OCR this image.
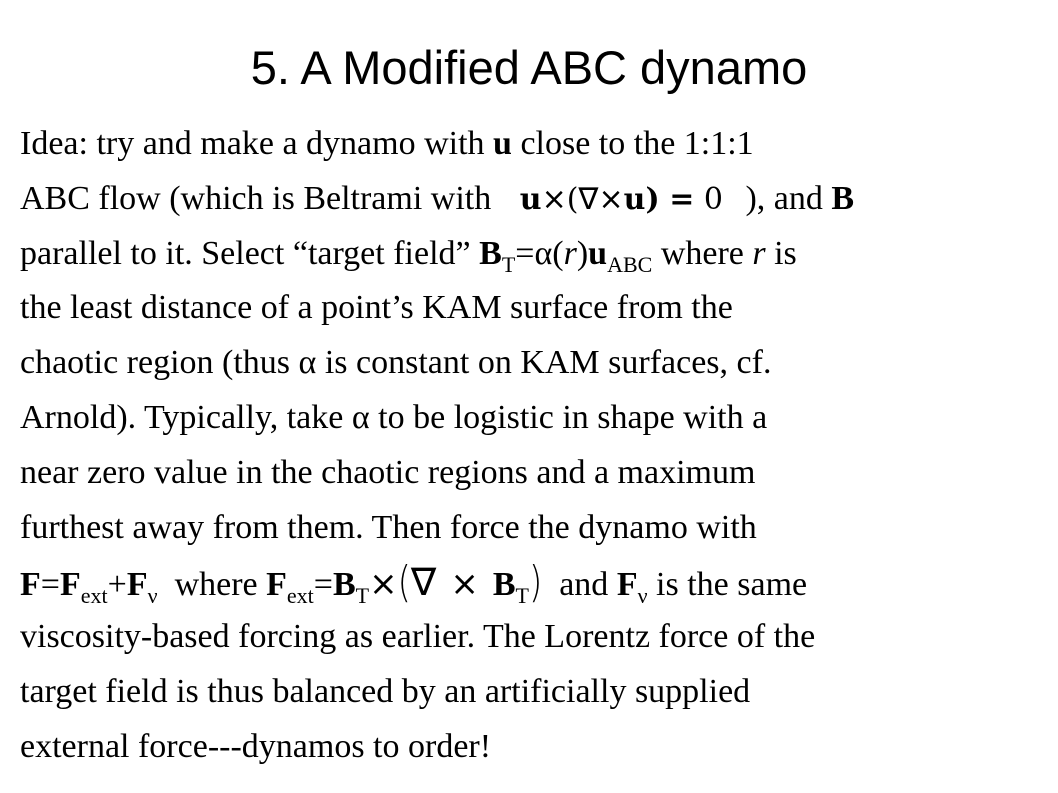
5. A Modified ABC dynamo
Idea: try and make a dynamo with u close to the 1:1:1
ABC flow (which is Beltrami with u×(∇×u) = 0 ), and B
parallel to it. Select “target field” $B_T=\alpha(r)u_{ABC}$ where r is
the least distance of a point’s KAM surface from the
chaotic region (thus α is constant on KAM surfaces, cf.
Arnold). Typically, take α to be logistic in shape with a
near zero value in the chaotic regions and a maximum
furthest away from them. Then force the dynamo with
$F=F_{ext}+F_\nu$  where $F_{ext}=B_T\times(\nabla \times B_T)$  and $F_\nu$ is the same
viscosity-based forcing as earlier. The Lorentz force of the
target field is thus balanced by an artificially supplied
external force---dynamos to order!
